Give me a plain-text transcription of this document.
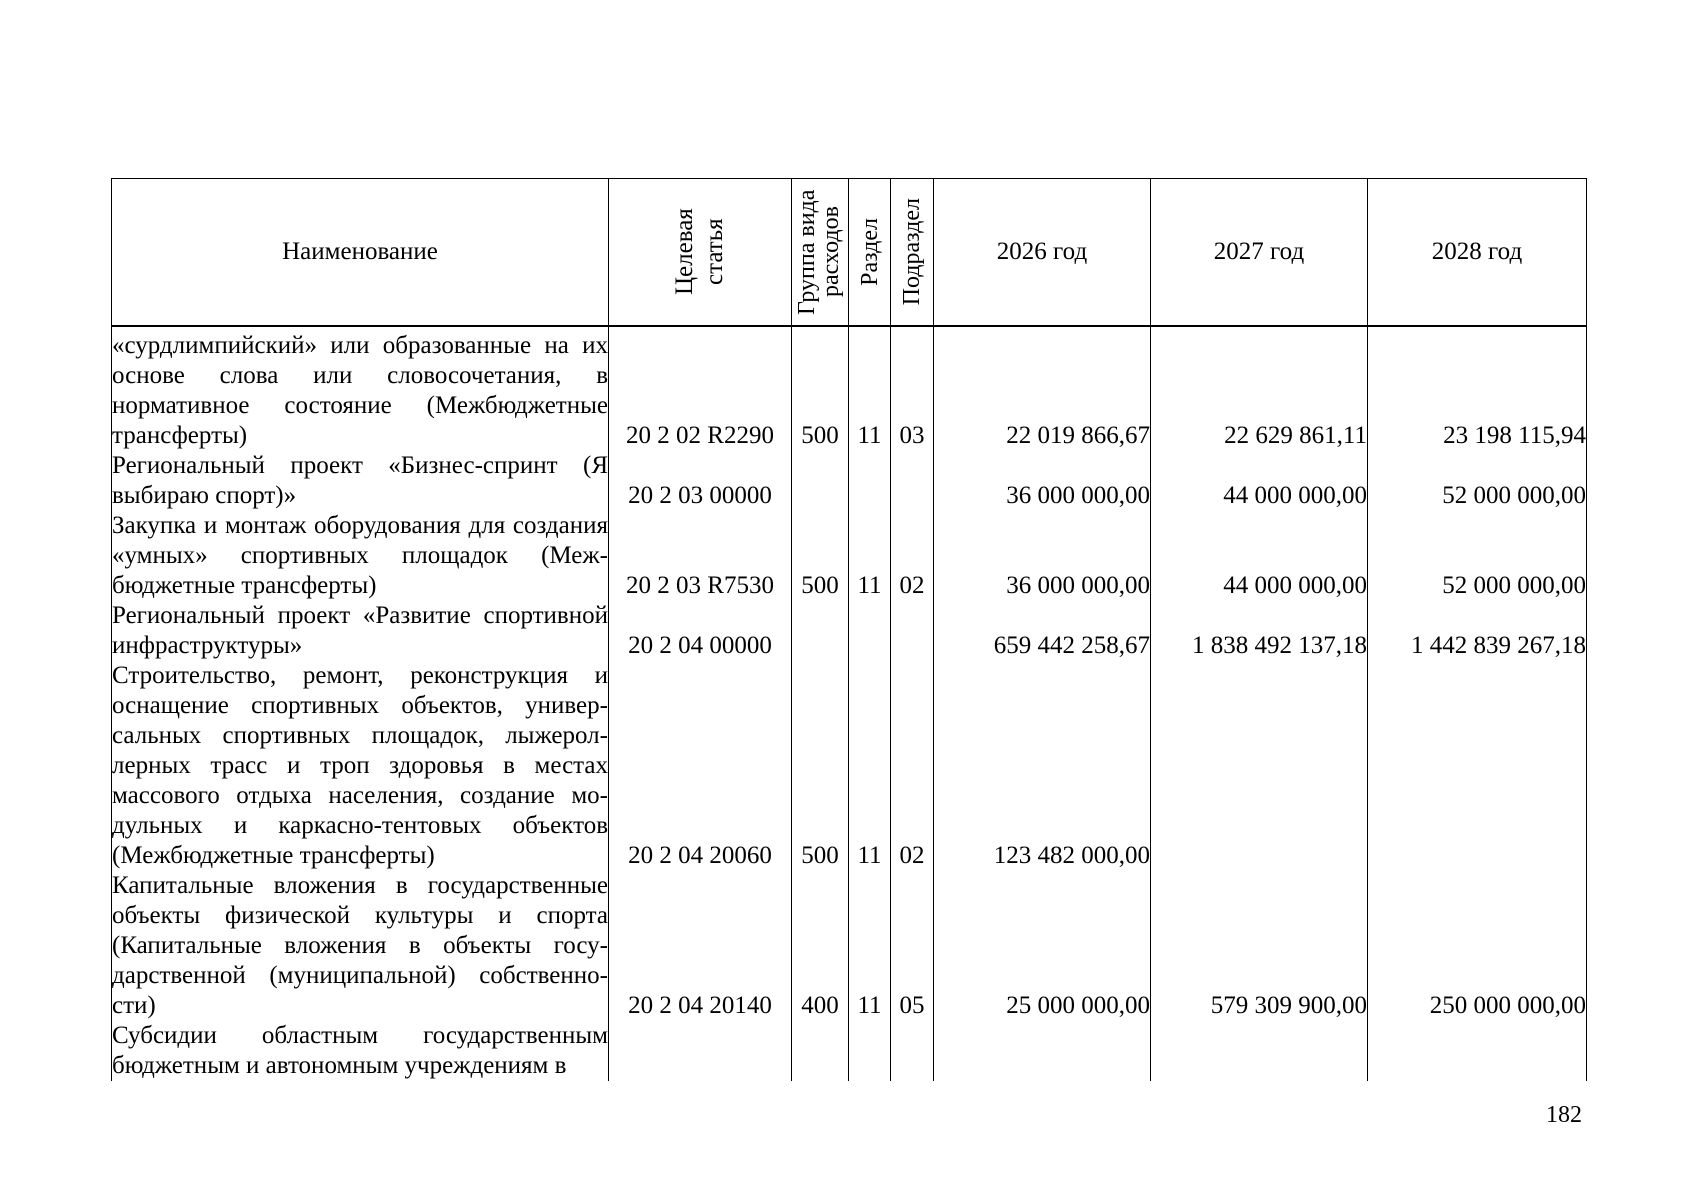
Наименование	Целевая статья	Группа вида расходов	Раздел	Подраздел	2026 год	2027 год	2028 год
«сурдлимпийский» или образованные на их основе слова или словосочетания, в нормативное состояние (Межбюджетные трансферты)	20 2 02 R2290	500	11	03	22 019 866,67	22 629 861,11	23 198 115,94
Региональный проект «Бизнес-спринт (Я выбираю спорт)»	20 2 03 00000				36 000 000,00	44 000 000,00	52 000 000,00
Закупка и монтаж оборудования для создания «умных» спортивных площадок (Межбюджетные трансферты)	20 2 03 R7530	500	11	02	36 000 000,00	44 000 000,00	52 000 000,00
Региональный проект «Развитие спортивной инфраструктуры»	20 2 04 00000				659 442 258,67	1 838 492 137,18	1 442 839 267,18
Строительство, ремонт, реконструкция и оснащение спортивных объектов, универсальных спортивных площадок, лыжероллерных трасс и троп здоровья в местах массового отдыха населения, создание модульных и каркасно-тентовых объектов (Межбюджетные трансферты)	20 2 04 20060	500	11	02	123 482 000,00		
Капитальные вложения в государственные объекты физической культуры и спорта (Капитальные вложения в объекты государственной (муниципальной) собственности)	20 2 04 20140	400	11	05	25 000 000,00	579 309 900,00	250 000 000,00
Субсидии областным государственным бюджетным и автономным учреждениям в							
182
